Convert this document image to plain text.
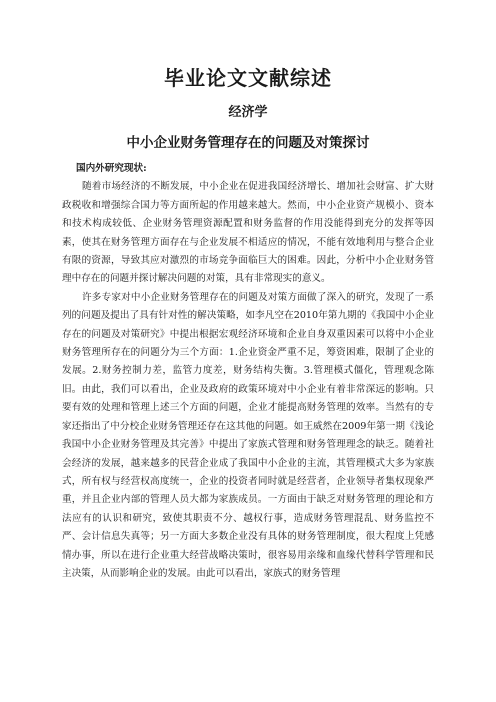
毕业论文文献综述
经济学
中小企业财务管理存在的问题及对策探讨

国内外研究现状:

随着市场经济的不断发展，中小企业在促进我国经济增长、增加社会财富、扩大财政税收和增强综合国力等方面所起的作用越来越大。然而，中小企业资产规模小、资本和技术构成较低、企业财务管理资源配置和财务监督的作用没能得到充分的发挥等因素，使其在财务管理方面存在与企业发展不相适应的情况，不能有效地利用与整合企业有限的资源，导致其应对激烈的市场竞争面临巨大的困难。因此，分析中小企业财务管理中存在的问题并探讨解决问题的对策，具有非常现实的意义。

许多专家对中小企业财务管理存在的问题及对策方面做了深入的研究，发现了一系列的问题及提出了具有针对性的解决策略，如李凡空在2010年第九期的《我国中小企业存在的问题及对策研究》中提出根据宏观经济环境和企业自身双重因素可以将中小企业财务管理所存在的问题分为三个方面：1.企业资金严重不足，筹资困难，限制了企业的发展。2.财务控制力差，监管力度差，财务结构失衡。3.管理模式僵化，管理观念陈旧。由此，我们可以看出，企业及政府的政策环境对中小企业有着非常深远的影响。只要有效的处理和管理上述三个方面的问题，企业才能提高财务管理的效率。当然有的专家还指出了中分校企业财务管理还存在这其他的问题。如王威然在2009年第一期《浅论我国中小企业财务管理及其完善》中提出了家族式管理和财务管理理念的缺乏。随着社会经济的发展，越来越多的民营企业成了我国中小企业的主流，其管理模式大多为家族式，所有权与经营权高度统一，企业的投资者同时就是经营者，企业领导者集权现象严重，并且企业内部的管理人员大都为家族成员。一方面由于缺乏对财务管理的理论和方法应有的认识和研究，致使其职责不分、越权行事，造成财务管理混乱、财务监控不严、会计信息失真等；另一方面大多数企业没有具体的财务管理制度，很大程度上凭感情办事，所以在进行企业重大经营战略决策时，很容易用亲缘和血缘代替科学管理和民主决策，从而影响企业的发展。由此可以看出，家族式的财务管理
